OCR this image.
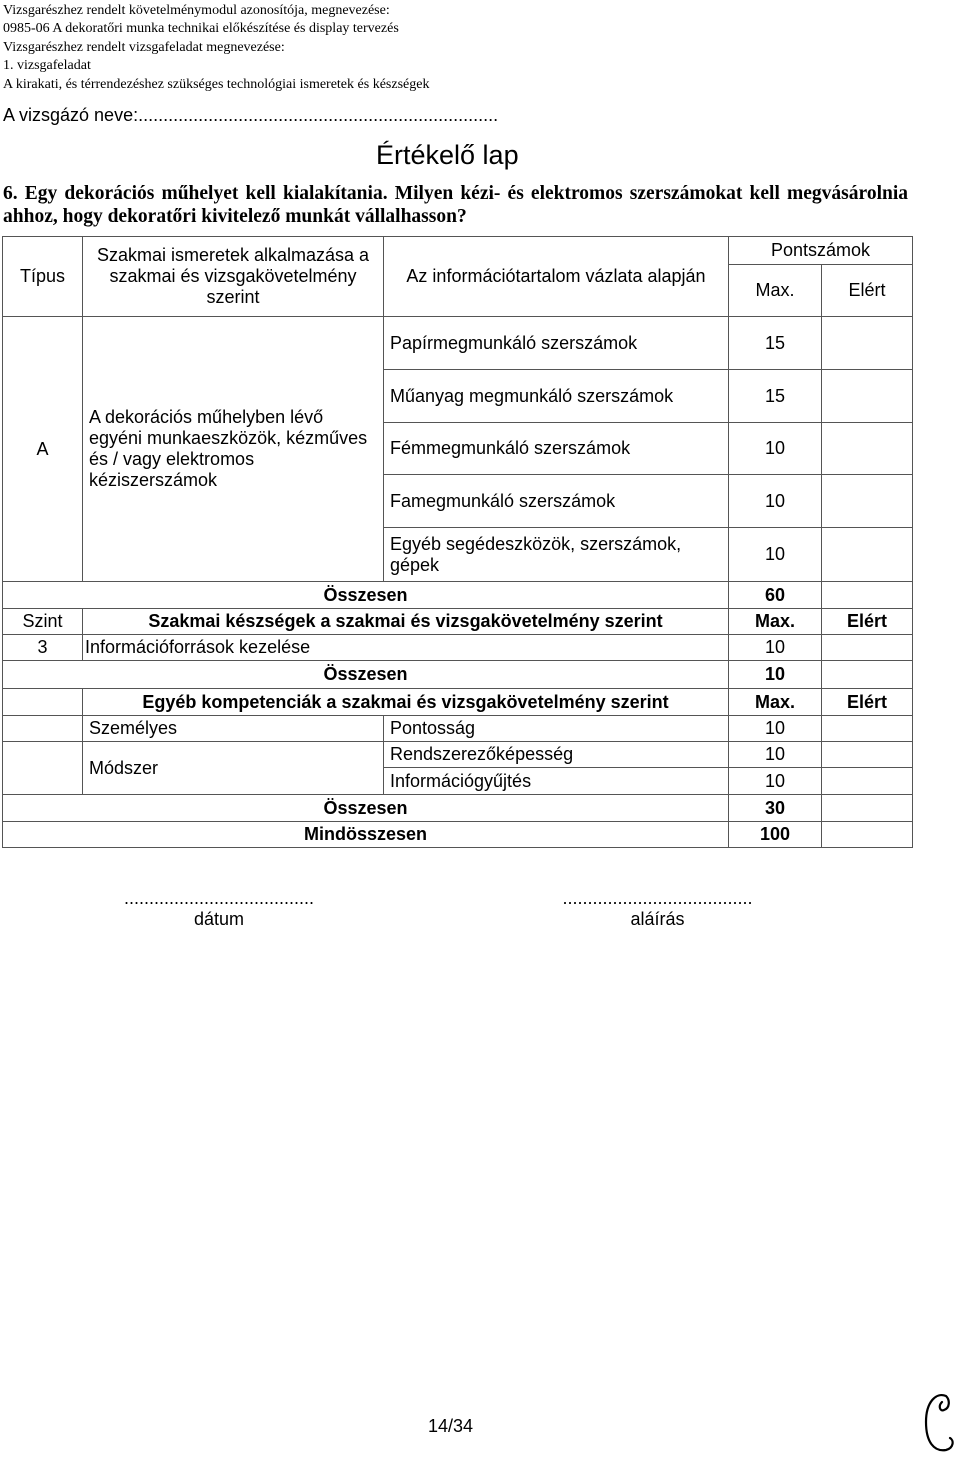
Vizsgarészhez rendelt követelménymodul azonosítója, megnevezése:
0985-06 A dekoratőri munka technikai előkészítése és display tervezés
Vizsgarészhez rendelt vizsgafeladat megnevezése:
1. vizsgafeladat
A kirakati, és térrendezéshez szükséges technológiai ismeretek és készségek
A vizsgázó neve:........................................................................
Értékelő lap
6. Egy dekorációs műhelyet kell kialakítania. Milyen kézi- és elektromos szerszámokat kell megvásárolnia ahhoz, hogy dekoratőri kivitelező munkát vállalhasson?
Típus	Szakmai ismeretek alkalmazása a szakmai és vizsgakövetelmény szerint	Az információtartalom vázlata alapján	Pontszámok	
			Max.	Elért
A	A dekorációs műhelyben lévő egyéni munkaeszközök, kézműves és / vagy elektromos kéziszerszámok	Papírmegmunkáló szerszámok	15	
		Műanyag megmunkáló szerszámok	15	
		Fémmegmunkáló szerszámok	10	
		Famegmunkáló szerszámok	10	
		Egyéb segédeszközök, szerszámok, gépek	10	
Összesen			60	
Szint	Szakmai készségek a szakmai és vizsgakövetelmény szerint		Max.	Elért
3	Információforrások kezelése		10	
Összesen			10	
	Egyéb kompetenciák a szakmai és vizsgakövetelmény szerint		Max.	Elért
	Személyes	Pontosság	10	
	Módszer	Rendszerezőképesség	10	
		Információgyűjtés	10	
Összesen			30	
Mindösszesen			100	
......................................
dátum
......................................
aláírás
14/34
